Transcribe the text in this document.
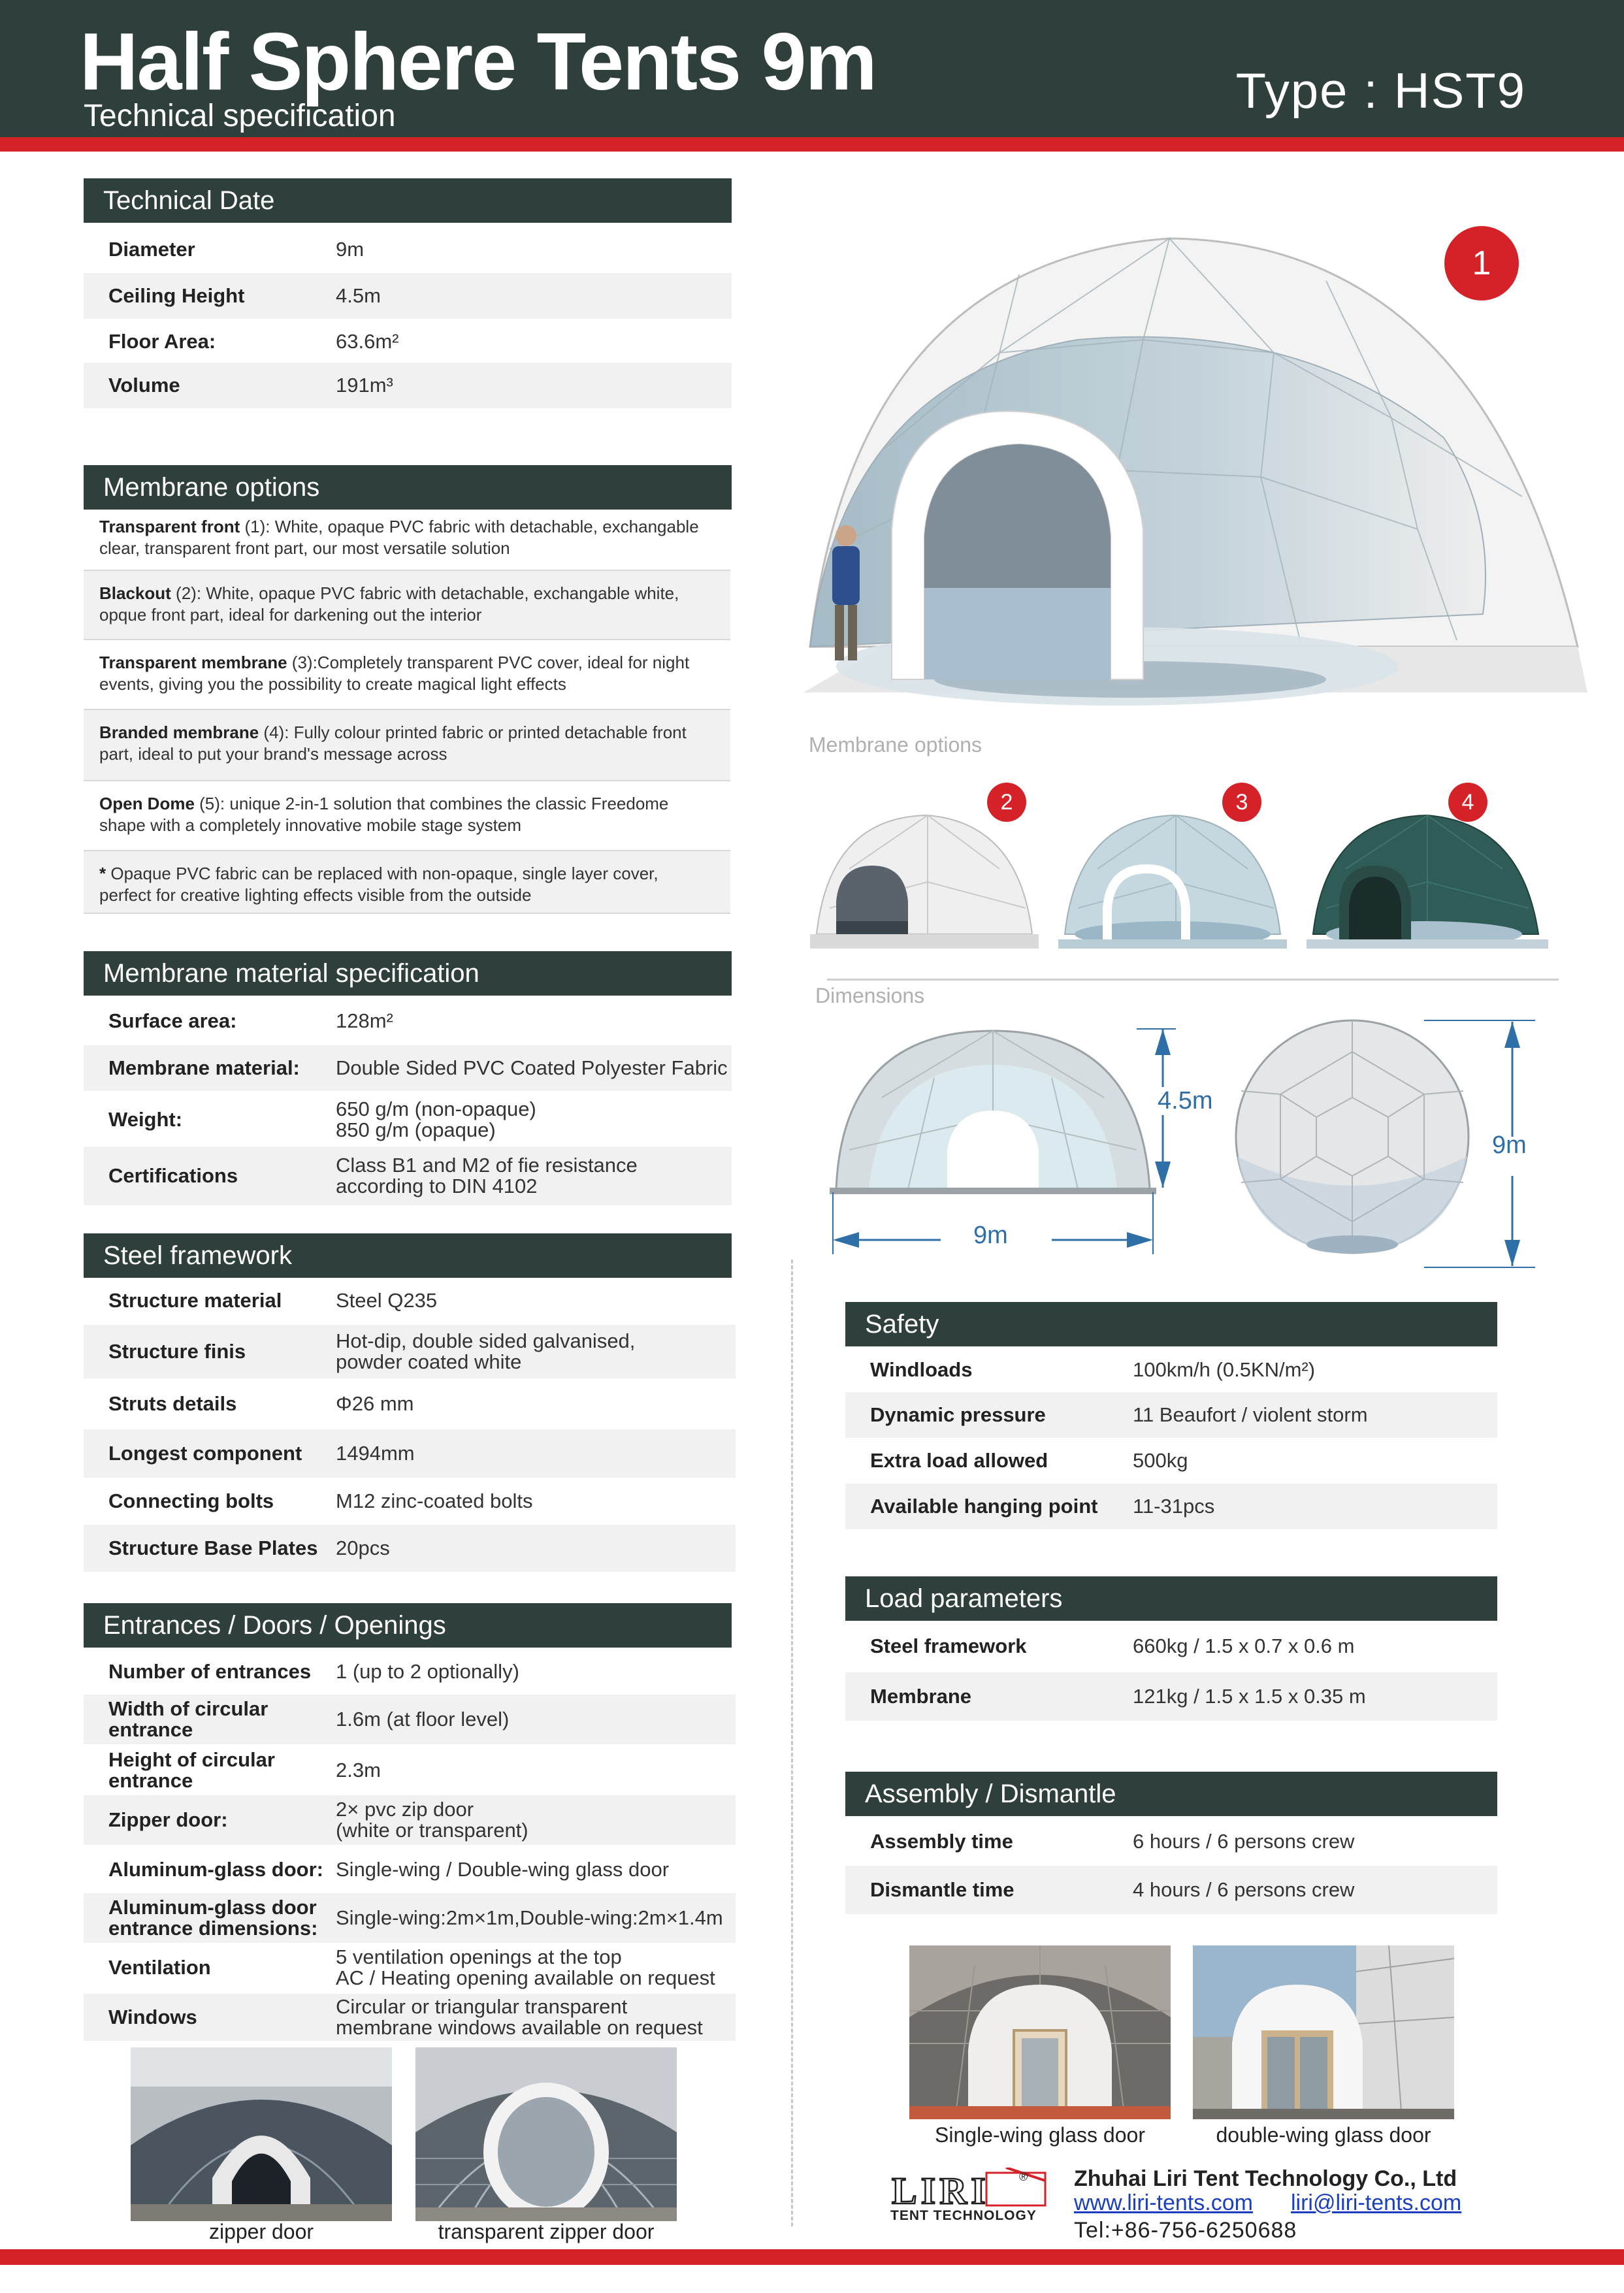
Half Sphere Tents 9m
Technical specification	Type : HST9
Technical Date
Diameter	9m
Ceiling Height	4.5m
Floor Area:	63.6m²
Volume	191m³
Membrane options
Transparent front (1): White, opaque PVC fabric with detachable, exchangable clear, transparent front part, our most versatile solution
Blackout (2): White, opaque PVC fabric with detachable, exchangable white, opque front part, ideal for darkening out the interior
Transparent membrane (3):Completely transparent PVC cover, ideal for night events, giving you the possibility to create magical light effects
Branded membrane (4): Fully colour printed fabric or printed detachable front part, ideal to put your brand's message across
Open Dome (5): unique 2-in-1 solution that combines the classic Freedome shape with a completely innovative mobile stage system
* Opaque PVC fabric can be replaced with non-opaque, single layer cover, perfect for creative lighting effects visible from the outside
Membrane material specification
Surface area:	128m²
Membrane material: Double Sided PVC Coated Polyester Fabric
Weight:	650 g/m (non-opaque)
850 g/m (opaque)
Certifications	Class B1 and M2 of fie resistance
according to DIN 4102
Steel framework
Structure material	Steel Q235
Structure finis	Hot-dip, double sided galvanised,
powder coated white
Struts details	Φ26 mm
Longest component 1494mm
Connecting bolts	M12 zinc-coated bolts
Structure Base Plates 20pcs
Entrances / Doors / Openings
Number of entrances 1 (up to 2 optionally)
Width of circular
entrance	1.6m (at floor level)
Height of circular
entrance	2.3m
Zipper door:	2× pvc zip door
(white or transparent)
Aluminum-glass door: Single-wing / Double-wing glass door
Aluminum-glass door
entrance dimensions: Single-wing:2m×1m,Double-wing:2m×1.4m
Ventilation	5 ventilation openings at the top
AC / Heating opening available on request
Windows	Circular or triangular transparent
membrane windows available on request
zipper door	transparent zipper door
1
Membrane options
2	3	4
Dimensions
4.5m
9m
9m
Safety
Windloads	100km/h (0.5KN/m²)
Dynamic pressure	11 Beaufort / violent storm
Extra load allowed	500kg
Available hanging point 11-31pcs
Load parameters
Steel framework	660kg / 1.5 x 0.7 x 0.6 m
Membrane	121kg / 1.5 x 1.5 x 0.35 m
Assembly / Dismantle
Assembly time	6 hours / 6 persons crew
Dismantle time	4 hours / 6 persons crew
Single-wing glass door	double-wing glass door
LIRI	®
TENT TECHNOLOGY
Zhuhai Liri Tent Technology Co., Ltd
www.liri-tents.com liri@liri-tents.com
Tel:+86-756-6250688
